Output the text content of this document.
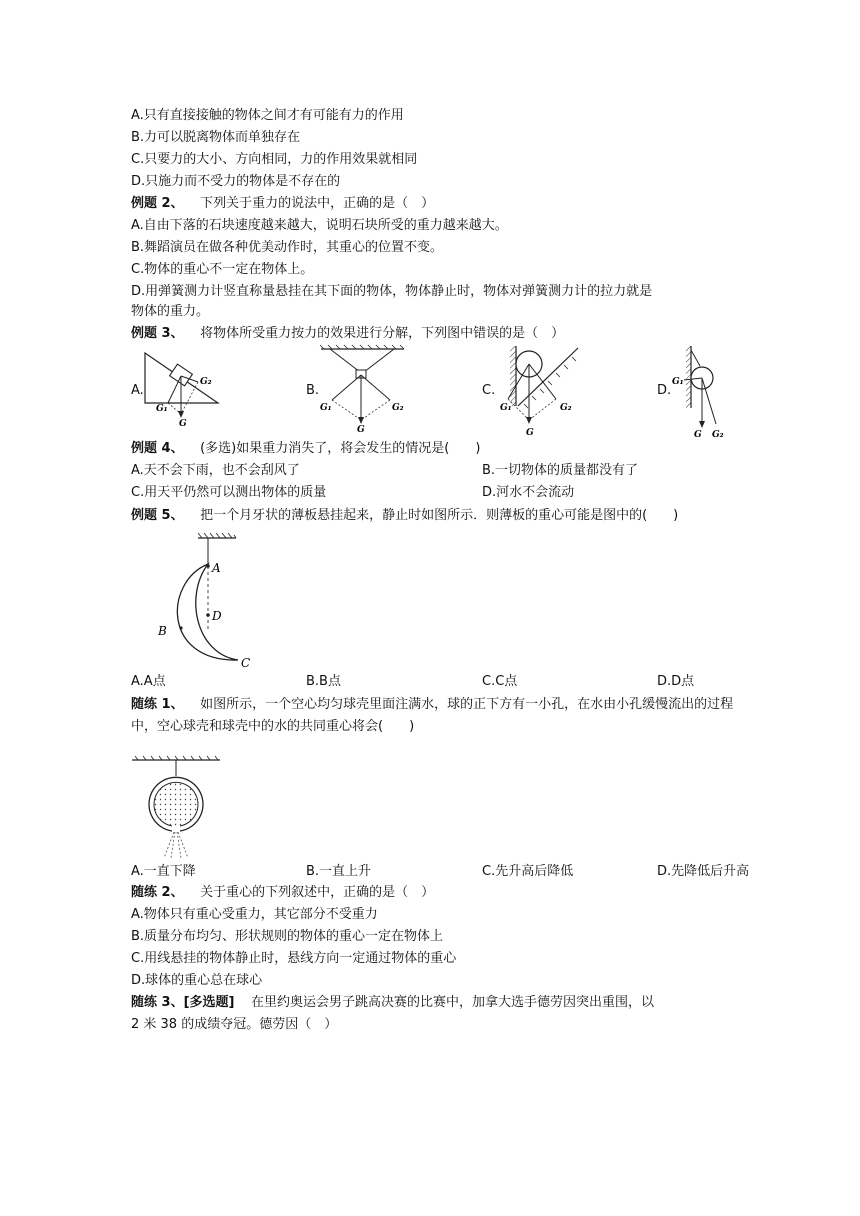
A.只有直接接触的物体之间才有可能有力的作用
B.力可以脱离物体而单独存在
C.只要力的大小、方向相同，力的作用效果就相同
D.只施力而不受力的物体是不存在的
例题 2、 下列关于重力的说法中，正确的是（　）
A.自由下落的石块速度越来越大，说明石块所受的重力越来越大。
B.舞蹈演员在做各种优美动作时，其重心的位置不变。
C.物体的重心不一定在物体上。
D.用弹簧测力计竖直称量悬挂在其下面的物体，物体静止时，物体对弹簧测力计的拉力就是
物体的重力。
例题 3、 将物体所受重力按力的效果进行分解，下列图中错误的是（　）
A.	B.	C.	D.
G₂
G₁
G
G₁	G₂
G
G₁	G₂
G
G₁
G G₂
例题 4、 (多选)如果重力消失了，将会发生的情况是(　　)
A.天不会下雨，也不会刮风了	B.一切物体的质量都没有了
C.用天平仍然可以测出物体的质量	D.河水不会流动
例题 5、 把一个月牙状的薄板悬挂起来，静止时如图所示．则薄板的重心可能是图中的(　　)
A
D
B
C
A.A点	B.B点	C.C点	D.D点
随练 1、 如图所示，一个空心均匀球壳里面注满水，球的正下方有一小孔，在水由小孔缓慢流出的过程
中，空心球壳和球壳中的水的共同重心将会(　　)
A.一直下降	B.一直上升	C.先升高后降低	D.先降低后升高
随练 2、 关于重心的下列叙述中，正确的是（　）
A.物体只有重心受重力，其它部分不受重力
B.质量分布均匀、形状规则的物体的重心一定在物体上
C.用线悬挂的物体静止时，悬线方向一定通过物体的重心
D.球体的重心总在球心
随练 3、[多选题] 在里约奥运会男子跳高决赛的比赛中，加拿大选手德劳因突出重围，以
2 米 38 的成绩夺冠。德劳因（　）
